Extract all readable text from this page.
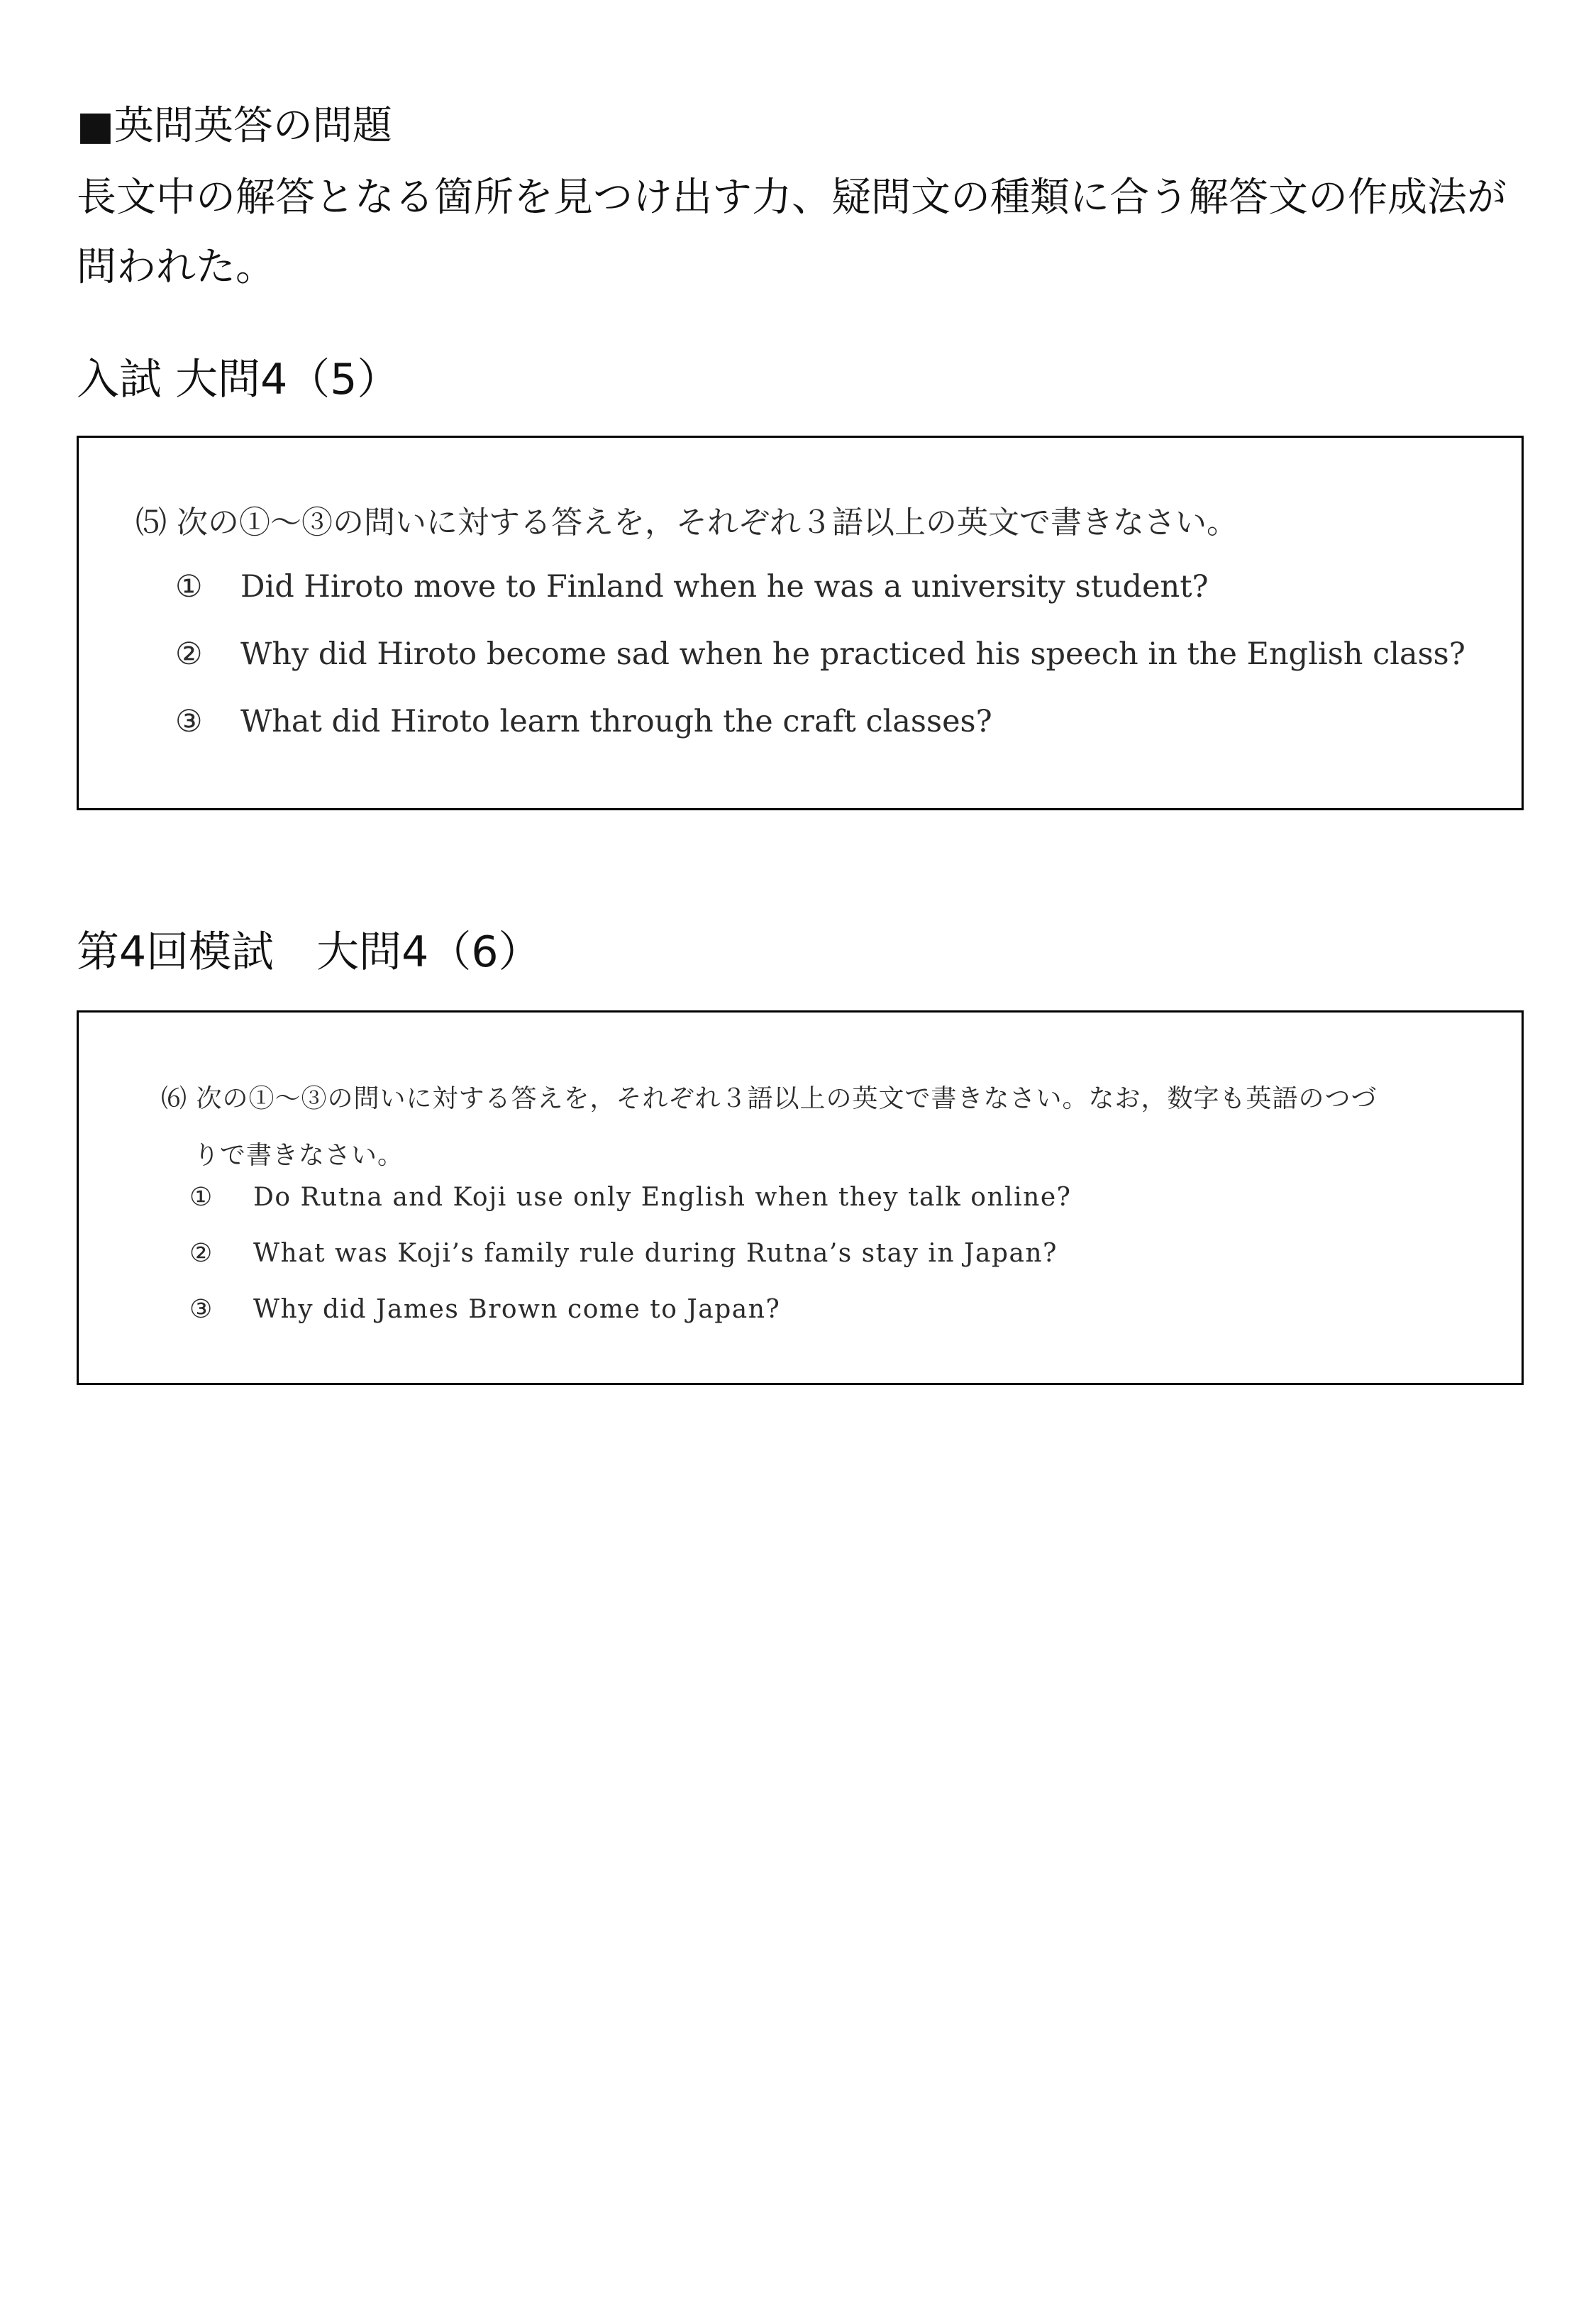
■英問英答の問題

長文中の解答となる箇所を見つけ出す力、疑問文の種類に合う解答文の作成法が問われた。

入試 大問4（5）

⑸ 次の①～③の問いに対する答えを，それぞれ３語以上の英文で書きなさい。

①	Did Hiroto move to Finland when he was a university student?
②	Why did Hiroto become sad when he practiced his speech in the English class?
③	What did Hiroto learn through the craft classes?
第4回模試　大問4（6）

⑹ 次の①～③の問いに対する答えを，それぞれ３語以上の英文で書きなさい。なお，数字も英語のつづ
りで書きなさい。

①	Do Rutna and Koji use only English when they talk online?
②	What was Koji’s family rule during Rutna’s stay in Japan?
③	Why did James Brown come to Japan?
